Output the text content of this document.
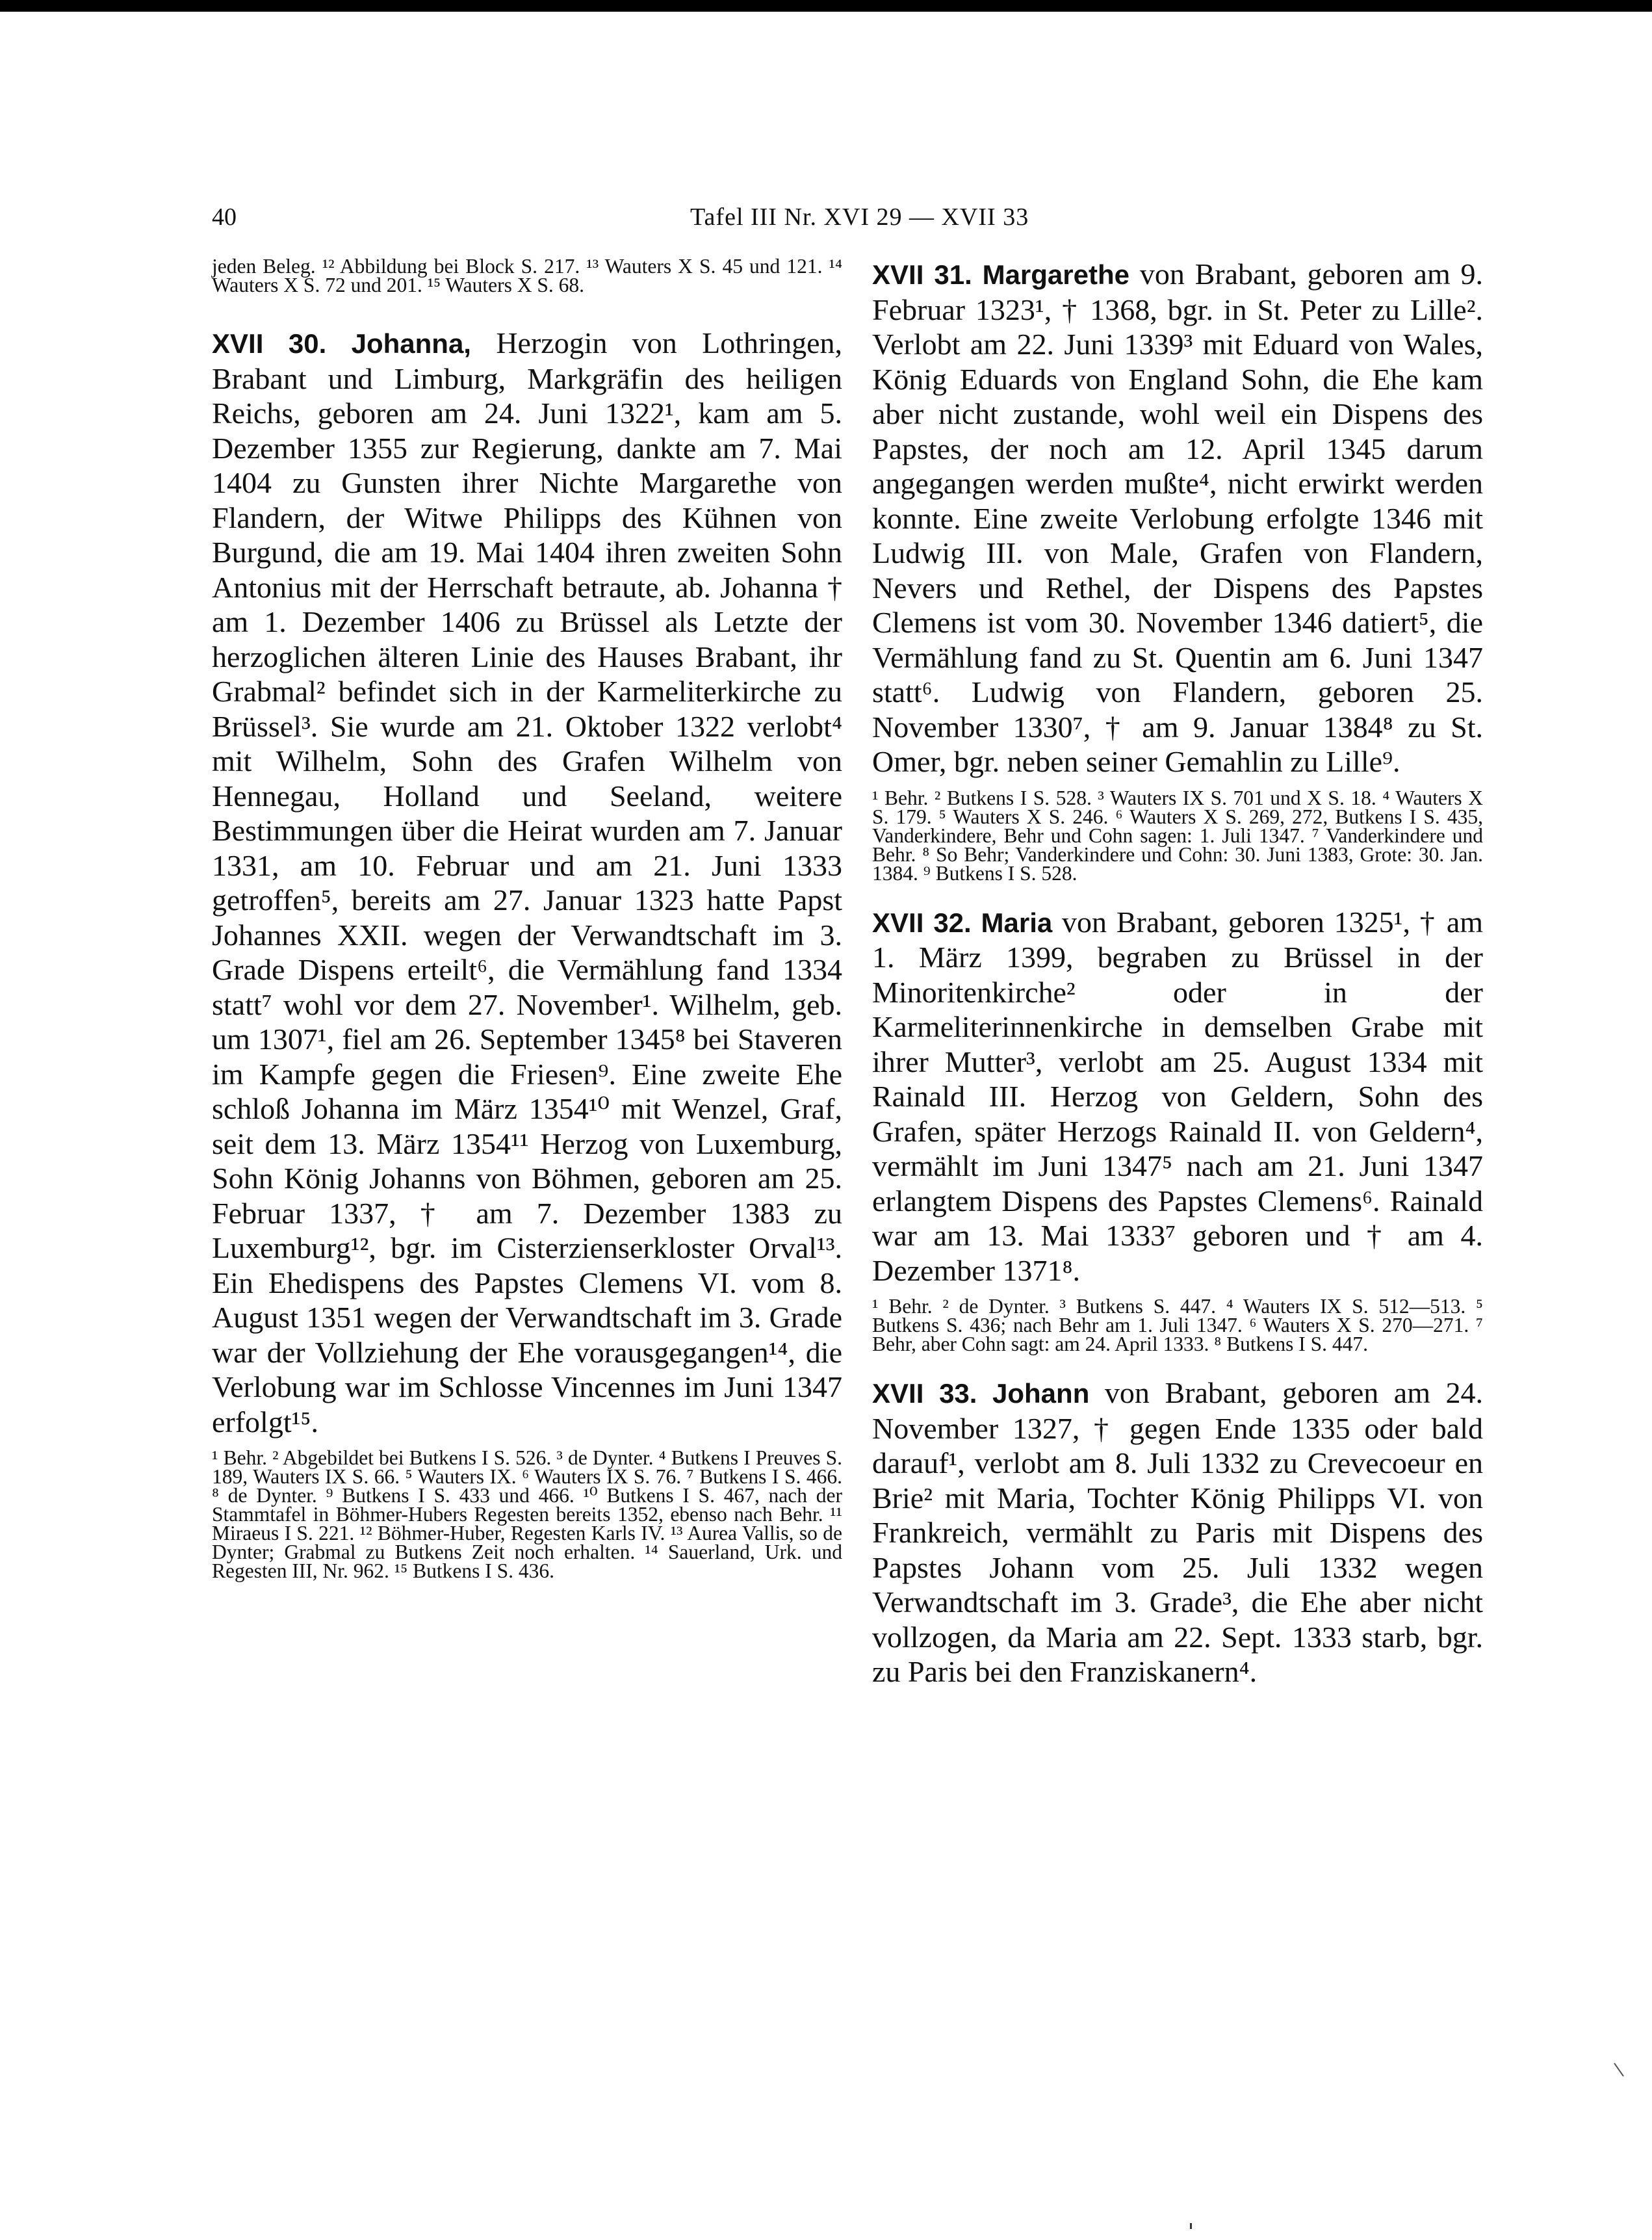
40	Tafel III Nr. XVI 29 — XVII 33

jeden Beleg. ¹² Abbildung bei Block S. 217. ¹³ Wauters X S. 45 und 121. ¹⁴ Wauters X S. 72 und 201. ¹⁵ Wauters X S. 68.

XVII 30. Johanna, Herzogin von Lothringen, Brabant und Limburg, Markgräfin des heiligen Reichs, geboren am 24. Juni 1322¹, kam am 5. Dezember 1355 zur Regierung, dankte am 7. Mai 1404 zu Gunsten ihrer Nichte Margarethe von Flandern, der Witwe Philipps des Kühnen von Burgund, die am 19. Mai 1404 ihren zweiten Sohn Antonius mit der Herrschaft betraute, ab. Johanna † am 1. Dezember 1406 zu Brüssel als Letzte der herzoglichen älteren Linie des Hauses Brabant, ihr Grabmal² befindet sich in der Karmeliterkirche zu Brüssel³. Sie wurde am 21. Oktober 1322 verlobt⁴ mit Wilhelm, Sohn des Grafen Wilhelm von Hennegau, Holland und Seeland, weitere Bestimmungen über die Heirat wurden am 7. Januar 1331, am 10. Februar und am 21. Juni 1333 getroffen⁵, bereits am 27. Januar 1323 hatte Papst Johannes XXII. wegen der Verwandtschaft im 3. Grade Dispens erteilt⁶, die Vermählung fand 1334 statt⁷ wohl vor dem 27. November¹. Wilhelm, geb. um 1307¹, fiel am 26. September 1345⁸ bei Staveren im Kampfe gegen die Friesen⁹. Eine zweite Ehe schloß Johanna im März 1354¹⁰ mit Wenzel, Graf, seit dem 13. März 1354¹¹ Herzog von Luxemburg, Sohn König Johanns von Böhmen, geboren am 25. Februar 1337, † am 7. Dezember 1383 zu Luxemburg¹², bgr. im Cisterzienserkloster Orval¹³. Ein Ehedispens des Papstes Clemens VI. vom 8. August 1351 wegen der Verwandtschaft im 3. Grade war der Vollziehung der Ehe vorausgegangen¹⁴, die Verlobung war im Schlosse Vincennes im Juni 1347 erfolgt¹⁵.

¹ Behr. ² Abgebildet bei Butkens I S. 526. ³ de Dynter. ⁴ Butkens I Preuves S. 189, Wauters IX S. 66. ⁵ Wauters IX. ⁶ Wauters IX S. 76. ⁷ Butkens I S. 466. ⁸ de Dynter. ⁹ Butkens I S. 433 und 466. ¹⁰ Butkens I S. 467, nach der Stammtafel in Böhmer-Hubers Regesten bereits 1352, ebenso nach Behr. ¹¹ Miraeus I S. 221. ¹² Böhmer-Huber, Regesten Karls IV. ¹³ Aurea Vallis, so de Dynter; Grabmal zu Butkens Zeit noch erhalten. ¹⁴ Sauerland, Urk. und Regesten III, Nr. 962. ¹⁵ Butkens I S. 436.

XVII 31. Margarethe von Brabant, geboren am 9. Februar 1323¹, † 1368, bgr. in St. Peter zu Lille². Verlobt am 22. Juni 1339³ mit Eduard von Wales, König Eduards von England Sohn, die Ehe kam aber nicht zustande, wohl weil ein Dispens des Papstes, der noch am 12. April 1345 darum angegangen werden mußte⁴, nicht erwirkt werden konnte. Eine zweite Verlobung erfolgte 1346 mit Ludwig III. von Male, Grafen von Flandern, Nevers und Rethel, der Dispens des Papstes Clemens ist vom 30. November 1346 datiert⁵, die Vermählung fand zu St. Quentin am 6. Juni 1347 statt⁶. Ludwig von Flandern, geboren 25. November 1330⁷, † am 9. Januar 1384⁸ zu St. Omer, bgr. neben seiner Gemahlin zu Lille⁹.

¹ Behr. ² Butkens I S. 528. ³ Wauters IX S. 701 und X S. 18. ⁴ Wauters X S. 179. ⁵ Wauters X S. 246. ⁶ Wauters X S. 269, 272, Butkens I S. 435, Vanderkindere, Behr und Cohn sagen: 1. Juli 1347. ⁷ Vanderkindere und Behr. ⁸ So Behr; Vanderkindere und Cohn: 30. Juni 1383, Grote: 30. Jan. 1384. ⁹ Butkens I S. 528.

XVII 32. Maria von Brabant, geboren 1325¹, † am 1. März 1399, begraben zu Brüssel in der Minoritenkirche² oder in der Karmeliterinnenkirche in demselben Grabe mit ihrer Mutter³, verlobt am 25. August 1334 mit Rainald III. Herzog von Geldern, Sohn des Grafen, später Herzogs Rainald II. von Geldern⁴, vermählt im Juni 1347⁵ nach am 21. Juni 1347 erlangtem Dispens des Papstes Clemens⁶. Rainald war am 13. Mai 1333⁷ geboren und † am 4. Dezember 1371⁸.

¹ Behr. ² de Dynter. ³ Butkens S. 447. ⁴ Wauters IX S. 512—513. ⁵ Butkens S. 436; nach Behr am 1. Juli 1347. ⁶ Wauters X S. 270—271. ⁷ Behr, aber Cohn sagt: am 24. April 1333. ⁸ Butkens I S. 447.

XVII 33. Johann von Brabant, geboren am 24. November 1327, † gegen Ende 1335 oder bald darauf¹, verlobt am 8. Juli 1332 zu Crevecoeur en Brie² mit Maria, Tochter König Philipps VI. von Frankreich, vermählt zu Paris mit Dispens des Papstes Johann vom 25. Juli 1332 wegen Verwandtschaft im 3. Grade³, die Ehe aber nicht vollzogen, da Maria am 22. Sept. 1333 starb, bgr. zu Paris bei den Franziskanern⁴.
